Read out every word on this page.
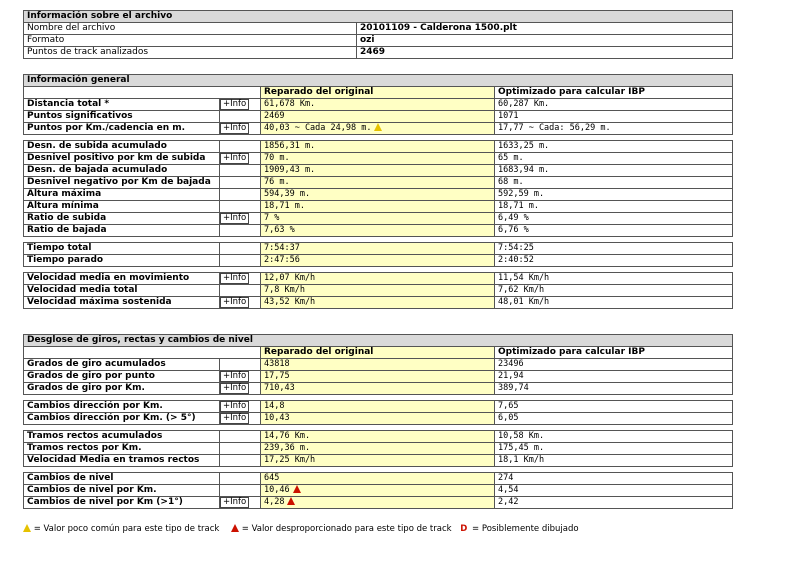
Información sobre el archivo	
Nombre del archivo	20101109 - Calderona 1500.plt
Formato	ozi
Puntos de track analizados	2469
Información general			
		Reparado del original	Optimizado para calcular IBP
Distancia total *	+Info	61,678 Km.	60,287 Km.
Puntos significativos		2469	1071
Puntos por Km./cadencia en m.	+Info	40,03 ~ Cada 24,98 m.	17,77 ~ Cada: 56,29 m.

Desn. de subida acumulado		1856,31 m.	1633,25 m.
Desnivel positivo por km de subida	+Info	70 m.	65 m.
Desn. de bajada acumulado		1909,43 m.	1683,94 m.
Desnivel negativo por Km de bajada		76 m.	68 m.
Altura máxima		594,39 m.	592,59 m.
Altura mínima		18,71 m.	18,71 m.
Ratio de subida	+Info	7 %	6,49 %
Ratio de bajada		7,63 %	6,76 %

Tiempo total		7:54:37	7:54:25
Tiempo parado		2:47:56	2:40:52

Velocidad media en movimiento	+Info	12,07 Km/h	11,54 Km/h
Velocidad media total		7,8 Km/h	7,62 Km/h
Velocidad máxima sostenida	+Info	43,52 Km/h	48,01 Km/h
Desglose de giros, rectas y cambios de nivel			
		Reparado del original	Optimizado para calcular IBP
Grados de giro acumulados		43818	23496
Grados de giro por punto	+Info	17,75	21,94
Grados de giro por Km.	+Info	710,43	389,74

Cambios dirección por Km.	+Info	14,8	7,65
Cambios dirección por Km. (> 5°)	+Info	10,43	6,05

Tramos rectos acumulados		14,76 Km.	10,58 Km.
Tramos rectos por Km.		239,36 m.	175,45 m.
Velocidad Media en tramos rectos		17,25 Km/h	18,1 Km/h

Cambios de nivel		645	274
Cambios de nivel por Km.		10,46	4,54
Cambios de nivel por Km (>1°)	+Info	4,28	2,42
= Valor poco común para este tipo de track	= Valor desproporcionado para este tipo de track D = Posiblemente dibujado
